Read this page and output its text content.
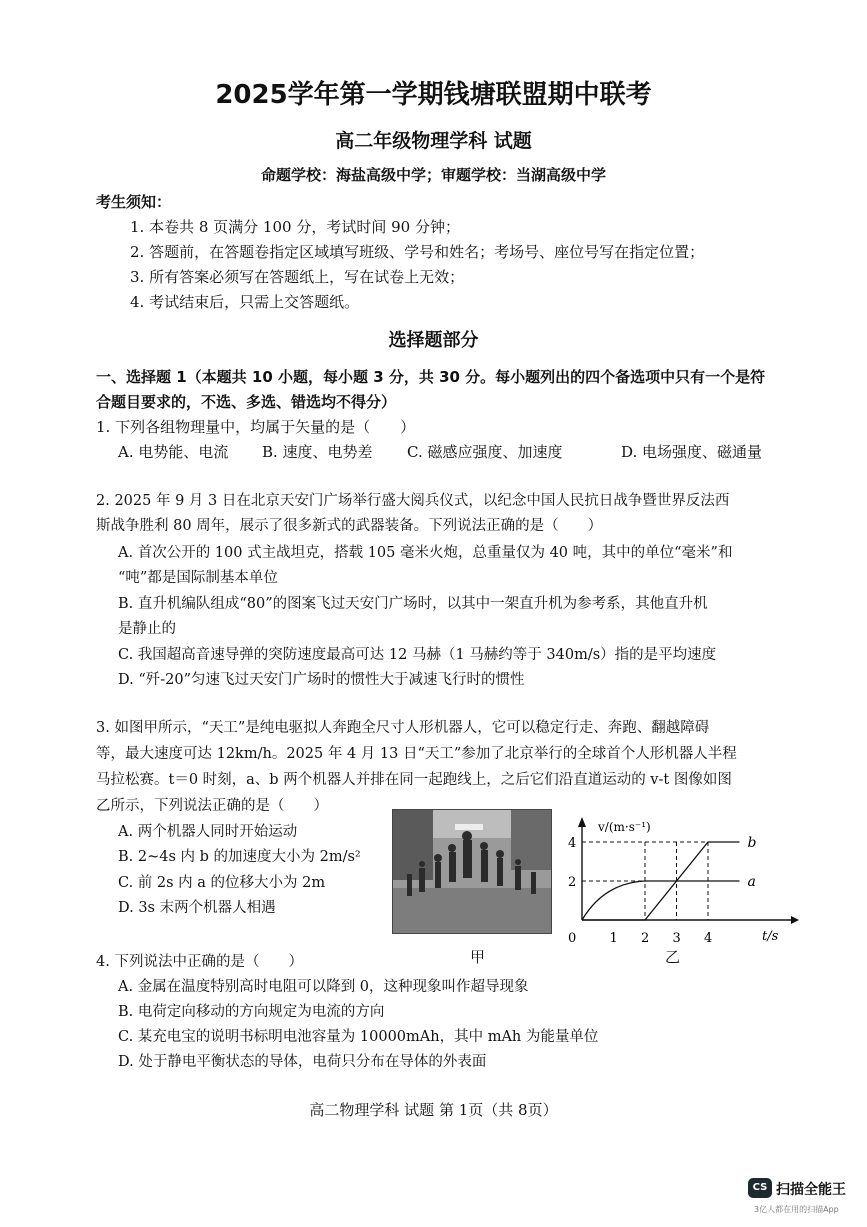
2025学年第一学期钱塘联盟期中联考
高二年级物理学科 试题
命题学校：海盐高级中学；审题学校：当湖高级中学
考生须知：
1. 本卷共 8 页满分 100 分，考试时间 90 分钟；
2. 答题前，在答题卷指定区域填写班级、学号和姓名；考场号、座位号写在指定位置；
3. 所有答案必须写在答题纸上，写在试卷上无效；
4. 考试结束后，只需上交答题纸。
选择题部分
一、选择题 1（本题共 10 小题，每小题 3 分，共 30 分。每小题列出的四个备选项中只有一个是符
合题目要求的，不选、多选、错选均不得分）
1. 下列各组物理量中，均属于矢量的是（　　）
A. 电势能、电流 B. 速度、电势差 C. 磁感应强度、加速度	D. 电场强度、磁通量
2. 2025 年 9 月 3 日在北京天安门广场举行盛大阅兵仪式，以纪念中国人民抗日战争暨世界反法西
斯战争胜利 80 周年，展示了很多新式的武器装备。下列说法正确的是（　　）
A. 首次公开的 100 式主战坦克，搭载 105 毫米火炮，总重量仅为 40 吨，其中的单位“毫米”和
“吨”都是国际制基本单位
B. 直升机编队组成“80”的图案飞过天安门广场时，以其中一架直升机为参考系，其他直升机
是静止的
C. 我国超高音速导弹的突防速度最高可达 12 马赫（1 马赫约等于 340m/s）指的是平均速度
D. “歼-20”匀速飞过天安门广场时的惯性大于减速飞行时的惯性
3. 如图甲所示，“天工”是纯电驱拟人奔跑全尺寸人形机器人，它可以稳定行走、奔跑、翻越障碍
等，最大速度可达 12km/h。2025 年 4 月 13 日“天工”参加了北京举行的全球首个人形机器人半程
马拉松赛。t＝0 时刻，a、b 两个机器人并排在同一起跑线上，之后它们沿直道运动的 v-t 图像如图
乙所示，下列说法正确的是（　　）
A. 两个机器人同时开始运动
B. 2~4s 内 b 的加速度大小为 2m/s²
C. 前 2s 内 a 的位移大小为 2m
D. 3s 末两个机器人相遇
甲
a
b
0	1 2 3 4
2
4
v/(m·s⁻¹)
t/s
乙
4. 下列说法中正确的是（　　）
A. 金属在温度特别高时电阻可以降到 0，这种现象叫作超导现象
B. 电荷定向移动的方向规定为电流的方向
C. 某充电宝的说明书标明电池容量为 10000mAh，其中 mAh 为能量单位
D. 处于静电平衡状态的导体，电荷只分布在导体的外表面
高二物理学科 试题 第 1页（共 8页）
CS 扫描全能王
3亿人都在用的扫描App
